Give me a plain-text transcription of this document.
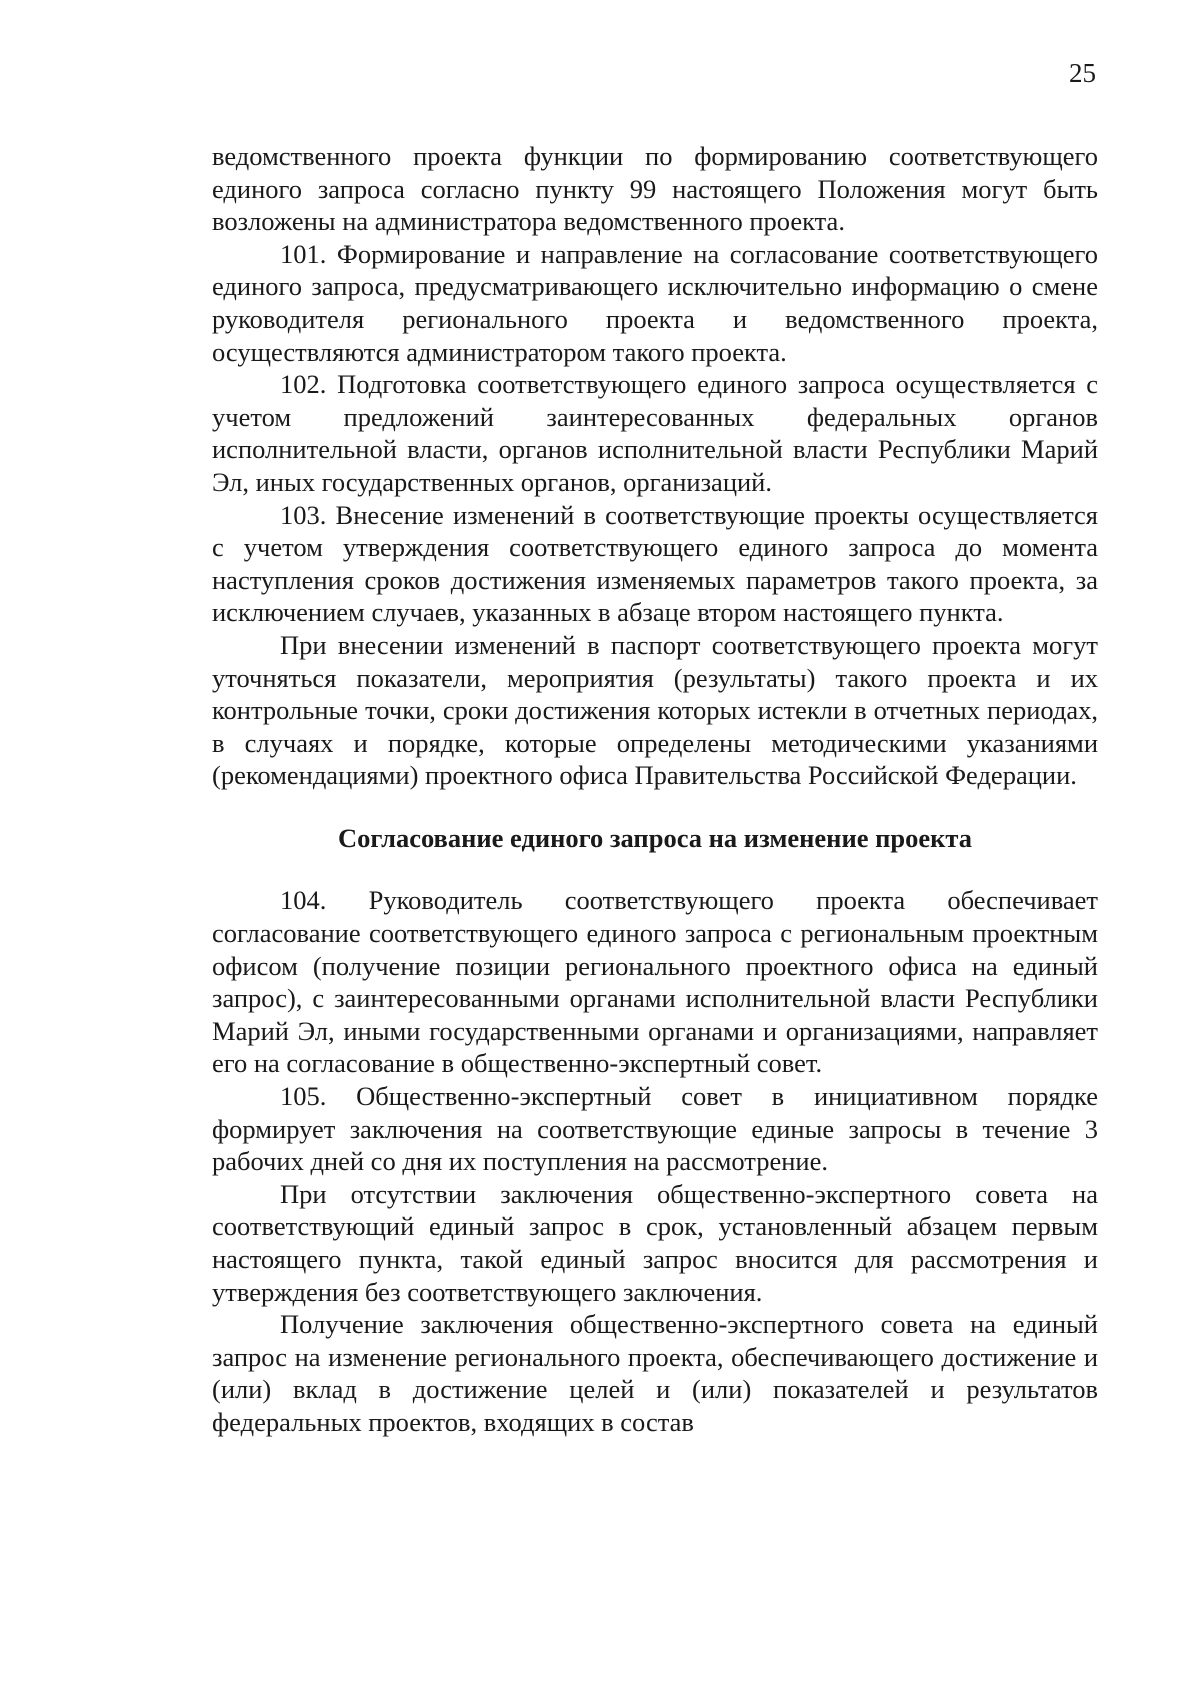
25

ведомственного проекта функции по формированию соответствующего единого запроса согласно пункту 99 настоящего Положения могут быть возложены на администратора ведомственного проекта.

101. Формирование и направление на согласование соответствующего единого запроса, предусматривающего исключительно информацию о смене руководителя регионального проекта и ведомственного проекта, осуществляются администратором такого проекта.

102. Подготовка соответствующего единого запроса осуществляется с учетом предложений заинтересованных федеральных органов исполнительной власти, органов исполнительной власти Республики Марий Эл, иных государственных органов, организаций.

103. Внесение изменений в соответствующие проекты осуществляется с учетом утверждения соответствующего единого запроса до момента наступления сроков достижения изменяемых параметров такого проекта, за исключением случаев, указанных в абзаце втором настоящего пункта.

При внесении изменений в паспорт соответствующего проекта могут уточняться показатели, мероприятия (результаты) такого проекта и их контрольные точки, сроки достижения которых истекли в отчетных периодах, в случаях и порядке, которые определены методическими указаниями (рекомендациями) проектного офиса Правительства Российской Федерации.

Согласование единого запроса на изменение проекта

104. Руководитель соответствующего проекта обеспечивает согласование соответствующего единого запроса с региональным проектным офисом (получение позиции регионального проектного офиса на единый запрос), с заинтересованными органами исполнительной власти Республики Марий Эл, иными государственными органами и организациями, направляет его на согласование в общественно-экспертный совет.

105. Общественно-экспертный совет в инициативном порядке формирует заключения на соответствующие единые запросы в течение 3 рабочих дней со дня их поступления на рассмотрение.

При отсутствии заключения общественно-экспертного совета на соответствующий единый запрос в срок, установленный абзацем первым настоящего пункта, такой единый запрос вносится для рассмотрения и утверждения без соответствующего заключения.

Получение заключения общественно-экспертного совета на единый запрос на изменение регионального проекта, обеспечивающего достижение и (или) вклад в достижение целей и (или) показателей и результатов федеральных проектов, входящих в состав
